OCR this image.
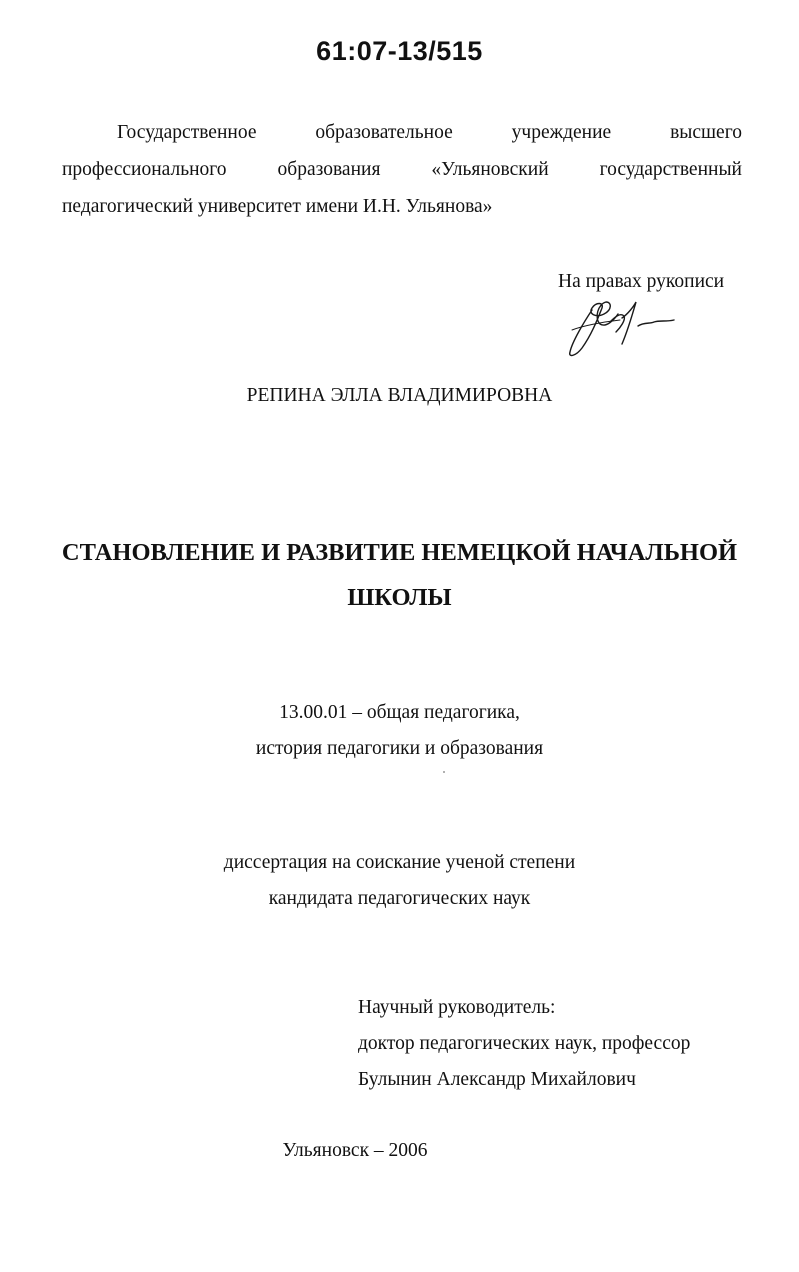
61:07-13/515
Государственное	образовательное	учреждение	высшего
профессионального	образования	«Ульяновский	государственный
педагогический университет имени И.Н. Ульянова»
На правах рукописи
РЕПИНА ЭЛЛА ВЛАДИМИРОВНА
СТАНОВЛЕНИЕ И РАЗВИТИЕ НЕМЕЦКОЙ НАЧАЛЬНОЙ
ШКОЛЫ
13.00.01 – общая педагогика,
история педагогики и образования
диссертация на соискание ученой степени
кандидата педагогических наук
Научный руководитель:
доктор педагогических наук, профессор
Булынин Александр Михайлович
Ульяновск – 2006
